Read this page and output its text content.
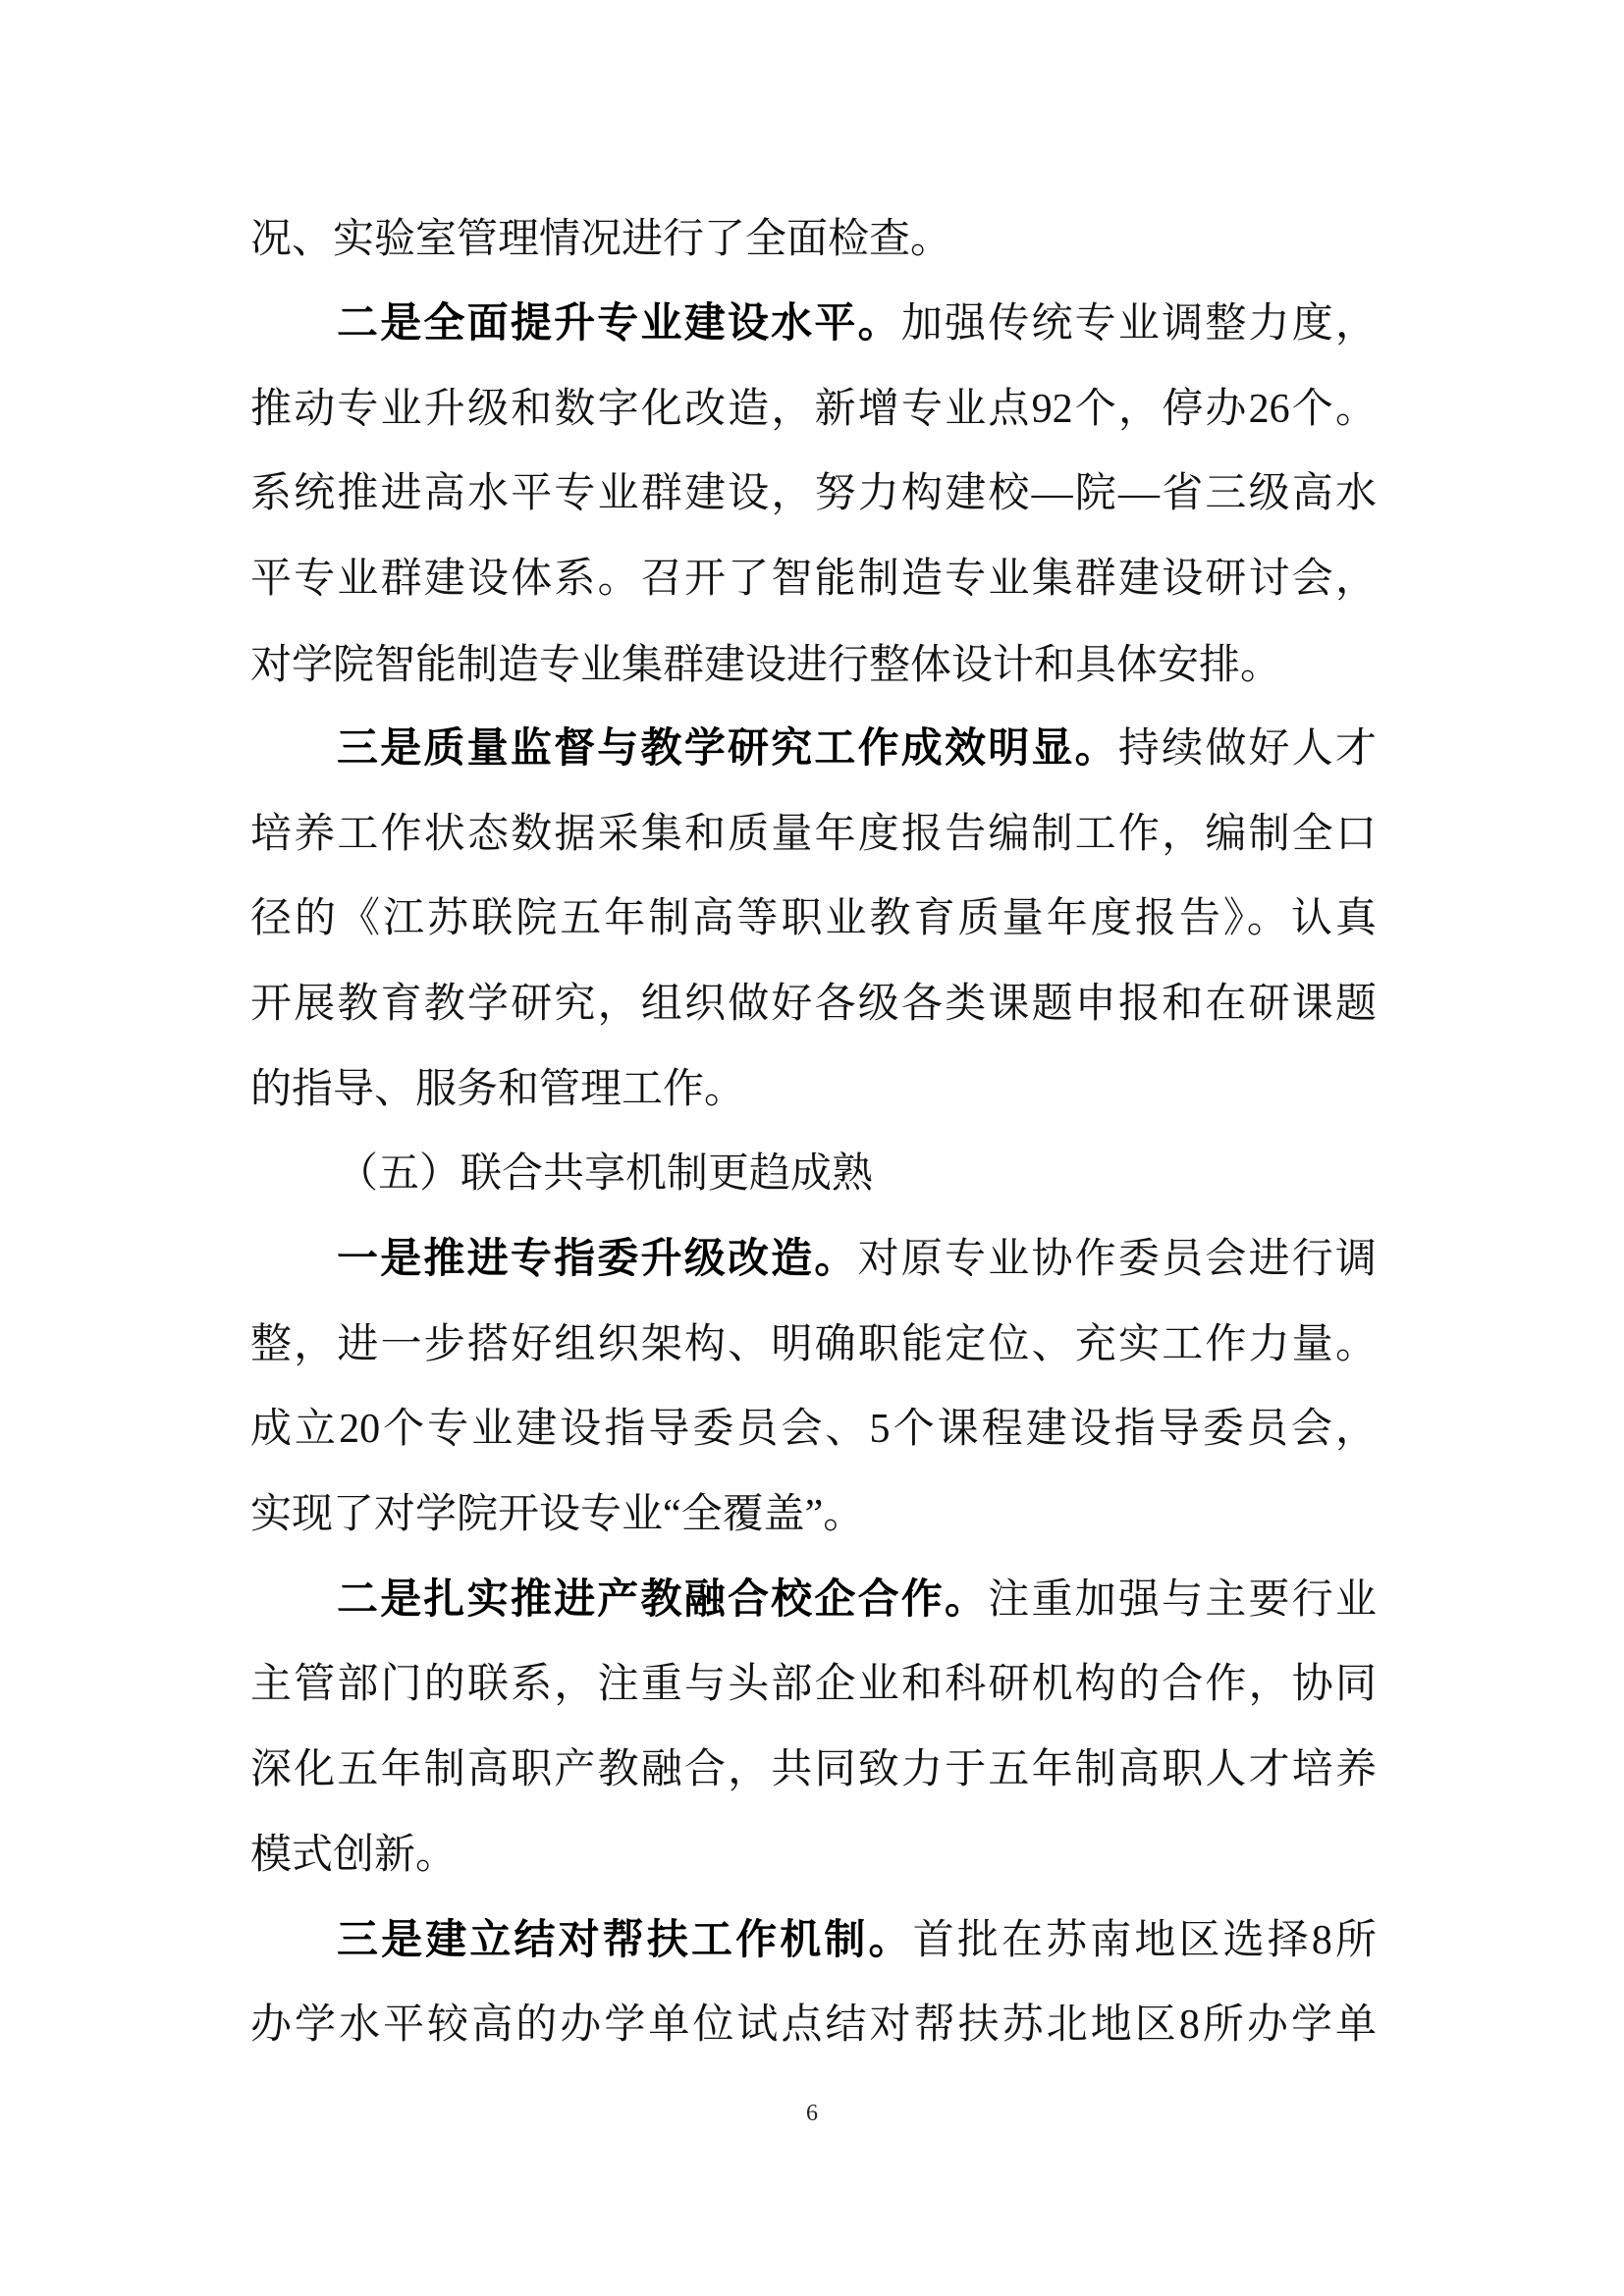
况、实验室管理情况进行了全面检查。
二是全面提升专业建设水平。加强传统专业调整力度，
推动专业升级和数字化改造，新增专业点92个，停办26个。
系统推进高水平专业群建设，努力构建校—院—省三级高水
平专业群建设体系。召开了智能制造专业集群建设研讨会，
对学院智能制造专业集群建设进行整体设计和具体安排。
三是质量监督与教学研究工作成效明显。持续做好人才
培养工作状态数据采集和质量年度报告编制工作，编制全口
径的《江苏联院五年制高等职业教育质量年度报告》。认真
开展教育教学研究，组织做好各级各类课题申报和在研课题
的指导、服务和管理工作。
（五）联合共享机制更趋成熟
一是推进专指委升级改造。对原专业协作委员会进行调
整，进一步搭好组织架构、明确职能定位、充实工作力量。
成立20个专业建设指导委员会、5个课程建设指导委员会，
实现了对学院开设专业“全覆盖”。
二是扎实推进产教融合校企合作。注重加强与主要行业
主管部门的联系，注重与头部企业和科研机构的合作，协同
深化五年制高职产教融合，共同致力于五年制高职人才培养
模式创新。
三是建立结对帮扶工作机制。首批在苏南地区选择8所
办学水平较高的办学单位试点结对帮扶苏北地区8所办学单
6
